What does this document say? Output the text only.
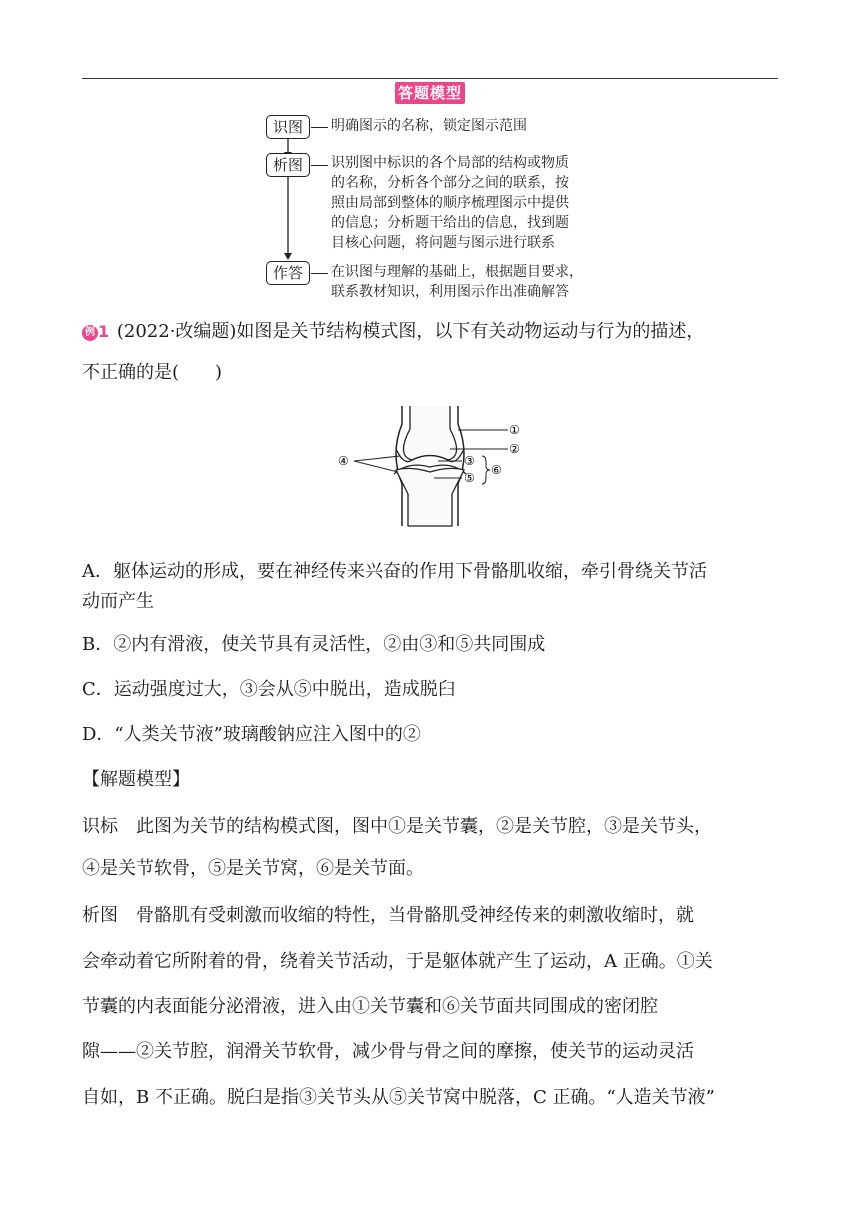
答题模型
识图	明确图示的名称，锁定图示范围
析图	识别图中标识的各个局部的结构或物质
的名称，分析各个部分之间的联系，按
照由局部到整体的顺序梳理图示中提供
的信息；分析题干给出的信息，找到题
目核心问题，将问题与图示进行联系
作答	在识图与理解的基础上，根据题目要求，
联系教材知识，利用图示作出准确解答
例 1 (2022·改编题)如图是关节结构模式图，以下有关动物运动与行为的描述，
不正确的是(　　)
①
②
③
④
⑤
⑥
A．躯体运动的形成，要在神经传来兴奋的作用下骨骼肌收缩，牵引骨绕关节活
动而产生
B．②内有滑液，使关节具有灵活性，②由③和⑤共同围成
C．运动强度过大，③会从⑤中脱出，造成脱臼
D．“人类关节液”玻璃酸钠应注入图中的②
【解题模型】
识标　此图为关节的结构模式图，图中①是关节囊，②是关节腔，③是关节头，
④是关节软骨，⑤是关节窝，⑥是关节面。
析图　骨骼肌有受刺激而收缩的特性，当骨骼肌受神经传来的刺激收缩时，就
会牵动着它所附着的骨，绕着关节活动，于是躯体就产生了运动，A 正确。①关
节囊的内表面能分泌滑液，进入由①关节囊和⑥关节面共同围成的密闭腔
隙——②关节腔，润滑关节软骨，减少骨与骨之间的摩擦，使关节的运动灵活
自如，B 不正确。脱臼是指③关节头从⑤关节窝中脱落，C 正确。“人造关节液”
